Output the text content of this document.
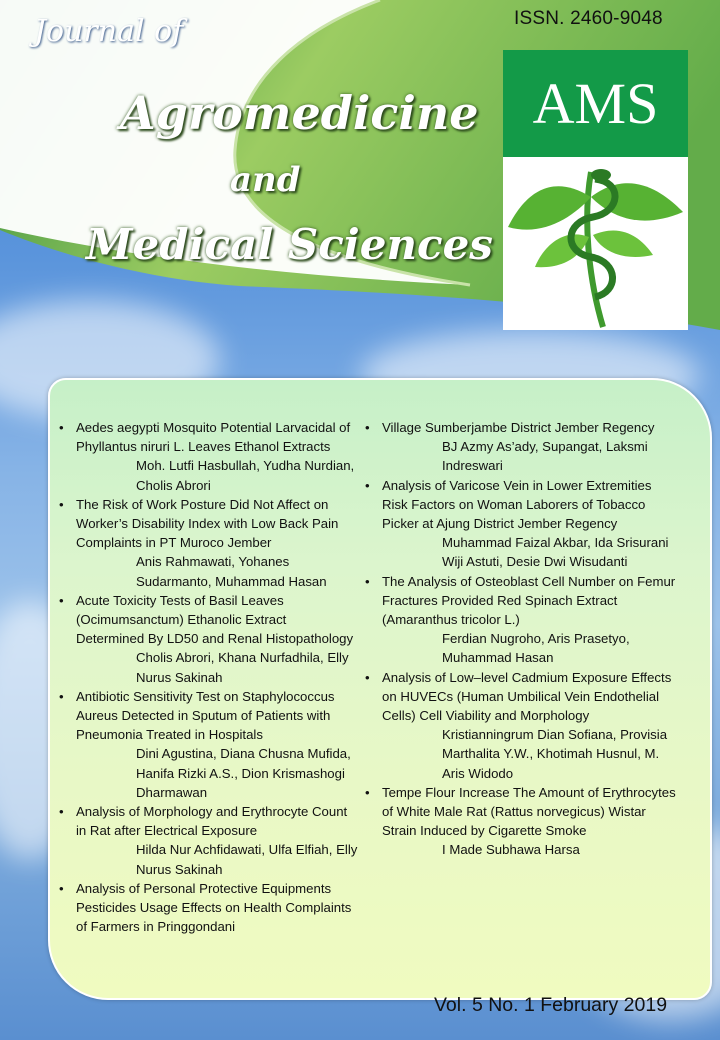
Journal of
Agromedicine
and
Medical Sciences
ISSN. 2460-9048
AMS
• Aedes aegypti Mosquito Potential Larvacidal of Phyllantus niruri L. Leaves Ethanol Extracts
Moh. Lutfi Hasbullah, Yudha Nurdian, Cholis Abrori
• The Risk of Work Posture Did Not Affect on Worker’s Disability Index with Low Back Pain Complaints in PT Muroco Jember
Anis Rahmawati, Yohanes Sudarmanto, Muhammad Hasan
• Acute Toxicity Tests of Basil Leaves (Ocimumsanctum) Ethanolic Extract Determined By LD50 and Renal Histopathology
Cholis Abrori, Khana Nurfadhila, Elly Nurus Sakinah
• Antibiotic Sensitivity Test on Staphylococcus Aureus Detected in Sputum of Patients with Pneumonia Treated in Hospitals
Dini Agustina, Diana Chusna Mufida, Hanifa Rizki A.S., Dion Krismashogi Dharmawan
• Analysis of Morphology and Erythrocyte Count in Rat after Electrical Exposure
Hilda Nur Achfidawati, Ulfa Elfiah, Elly Nurus Sakinah
• Analysis of Personal Protective Equipments Pesticides Usage Effects on Health Complaints of Farmers in Pringgondani
• Village Sumberjambe District Jember Regency
BJ Azmy As’ady, Supangat, Laksmi Indreswari
• Analysis of Varicose Vein in Lower Extremities Risk Factors on Woman Laborers of Tobacco Picker at Ajung District Jember Regency
Muhammad Faizal Akbar, Ida Srisurani Wiji Astuti, Desie Dwi Wisudanti
• The Analysis of Osteoblast Cell Number on Femur Fractures Provided Red Spinach Extract (Amaranthus tricolor L.)
Ferdian Nugroho, Aris Prasetyo, Muhammad Hasan
• Analysis of Low–level Cadmium Exposure Effects on HUVECs (Human Umbilical Vein Endothelial Cells) Cell Viability and Morphology
Kristianningrum Dian Sofiana, Provisia Marthalita Y.W., Khotimah Husnul, M. Aris Widodo
• Tempe Flour Increase The Amount of Erythrocytes of White Male Rat (Rattus norvegicus) Wistar Strain Induced by Cigarette Smoke
I Made Subhawa Harsa
Vol. 5 No. 1 February 2019
